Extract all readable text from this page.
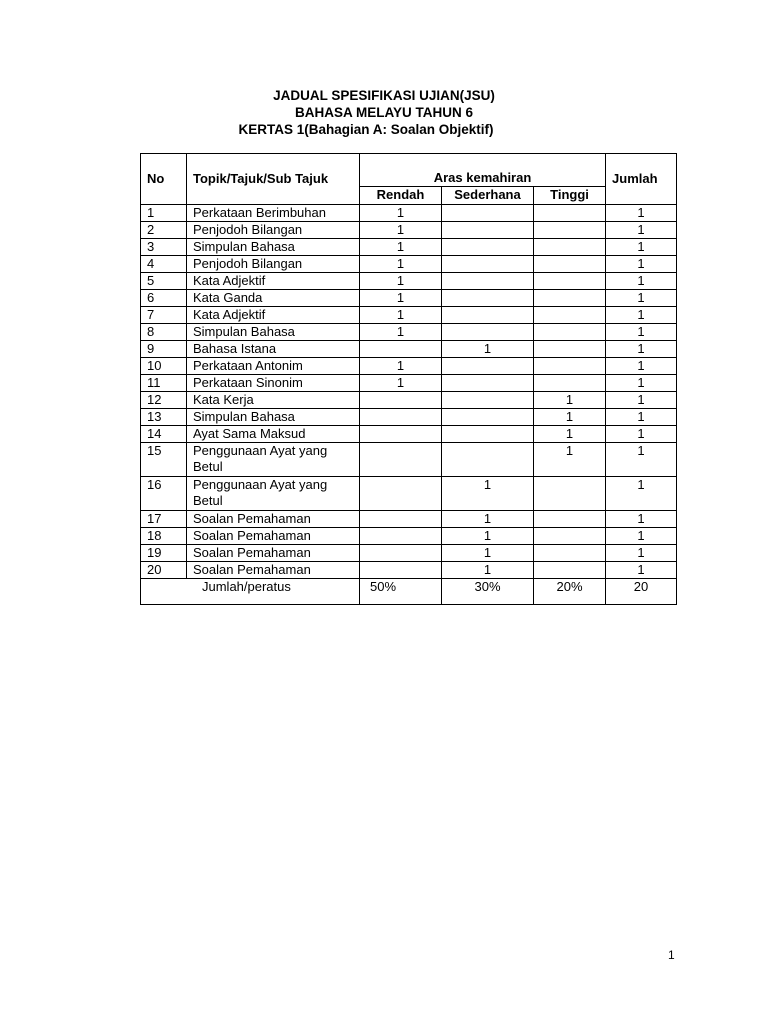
JADUAL SPESIFIKASI UJIAN(JSU)
BAHASA MELAYU TAHUN 6
KERTAS 1(Bahagian A: Soalan Objektif)
No	Topik/Tajuk/Sub Tajuk	Aras kemahiran			Jumlah
		Rendah	Sederhana	Tinggi	
1	Perkataan Berimbuhan	1			1
2	Penjodoh Bilangan	1			1
3	Simpulan Bahasa	1			1
4	Penjodoh Bilangan	1			1
5	Kata Adjektif	1			1
6	Kata Ganda	1			1
7	Kata Adjektif	1			1
8	Simpulan Bahasa	1			1
9	Bahasa Istana		1		1
10	Perkataan Antonim	1			1
11	Perkataan Sinonim	1			1
12	Kata Kerja			1	1
13	Simpulan Bahasa			1	1
14	Ayat Sama Maksud			1	1
15	Penggunaan Ayat yang Betul			1	1
16	Penggunaan Ayat yang Betul		1		1
17	Soalan Pemahaman		1		1
18	Soalan Pemahaman		1		1
19	Soalan Pemahaman		1		1
20	Soalan Pemahaman		1		1
Jumlah/peratus		50%	30%	20%	20
1
